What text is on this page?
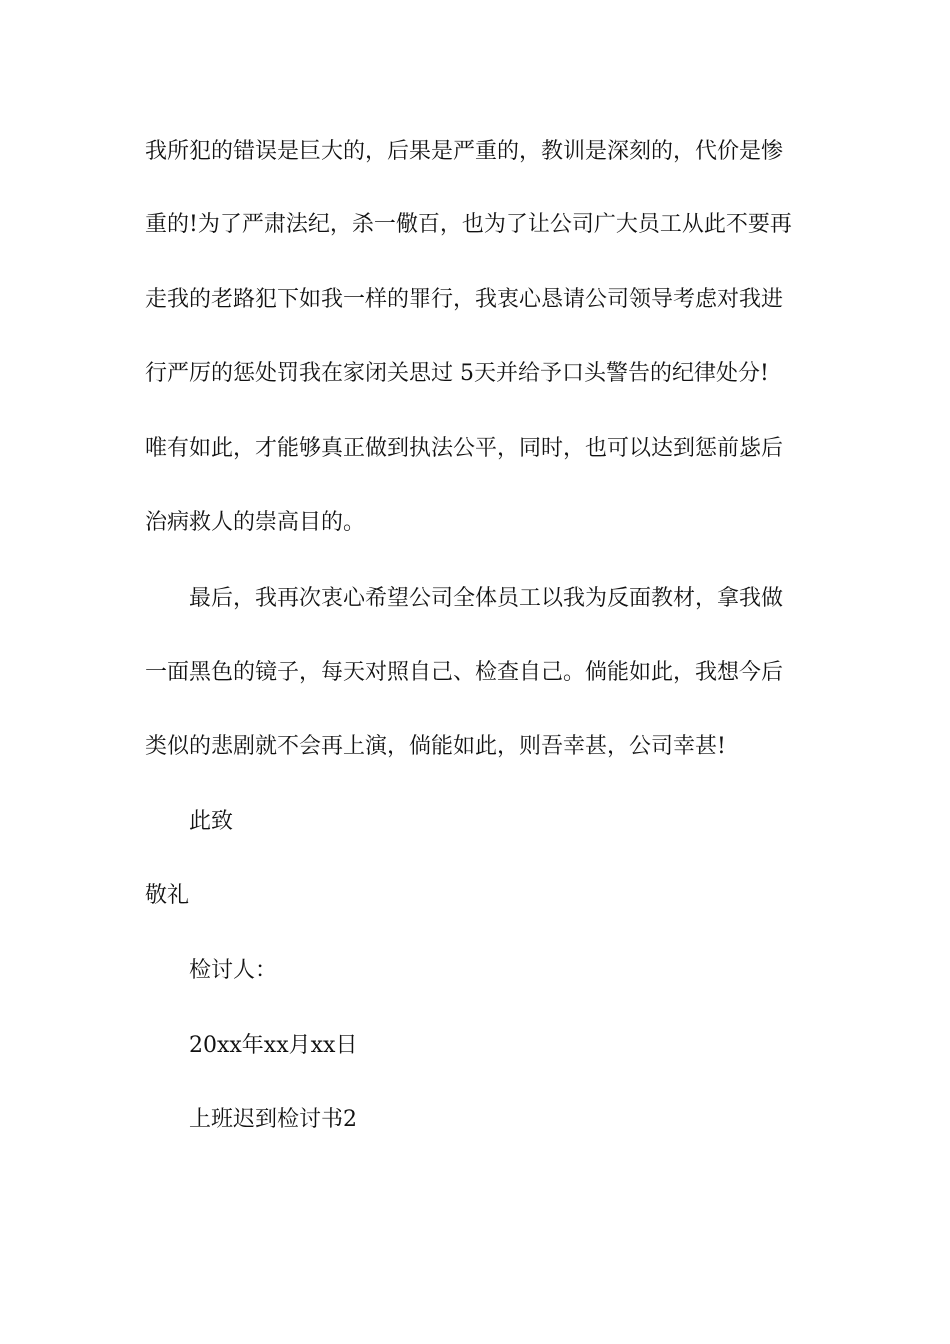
我所犯的错误是巨大的，后果是严重的，教训是深刻的，代价是惨

重的!为了严肃法纪，杀一儆百，也为了让公司广大员工从此不要再

走我的老路犯下如我一样的罪行，我衷心恳请公司领导考虑对我进

行严厉的惩处罚我在家闭关思过 5天并给予口头警告的纪律处分!

唯有如此，才能够真正做到执法公平，同时，也可以达到惩前毖后

治病救人的崇高目的。

最后，我再次衷心希望公司全体员工以我为反面教材，拿我做

一面黑色的镜子，每天对照自己、检查自己。倘能如此，我想今后

类似的悲剧就不会再上演，倘能如此，则吾幸甚，公司幸甚!

此致

敬礼

检讨人：

20xx年xx月xx日

上班迟到检讨书2
